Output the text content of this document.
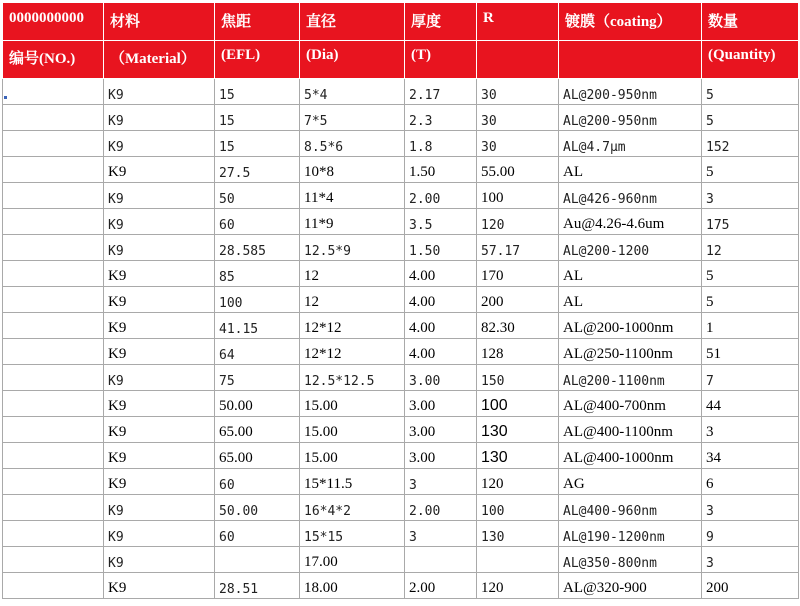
0000000000	材料	焦距	直径	厚度	R	镀膜（coating）	数量
编号(NO.)	（Material）	(EFL)	(Dia)	(T)			(Quantity)
	K9	15	5*4	2.17	30	AL@200-950nm	5
	K9	15	7*5	2.3	30	AL@200-950nm	5
	K9	15	8.5*6	1.8	30	AL@4.7μm	152
	K9	27.5	10*8	1.50	55.00	AL	5
	K9	50	11*4	2.00	100	AL@426-960nm	3
	K9	60	11*9	3.5	120	Au@4.26-4.6um	175
	K9	28.585	12.5*9	1.50	57.17	AL@200-1200	12
	K9	85	12	4.00	170	AL	5
	K9	100	12	4.00	200	AL	5
	K9	41.15	12*12	4.00	82.30	AL@200-1000nm	1
	K9	64	12*12	4.00	128	AL@250-1100nm	51
	K9	75	12.5*12.5	3.00	150	AL@200-1100nm	7
	K9	50.00	15.00	3.00	100	AL@400-700nm	44
	K9	65.00	15.00	3.00	130	AL@400-1100nm	3
	K9	65.00	15.00	3.00	130	AL@400-1000nm	34
	K9	60	15*11.5	3	120	AG	6
	K9	50.00	16*4*2	2.00	100	AL@400-960nm	3
	K9	60	15*15	3	130	AL@190-1200nm	9
	K9		17.00			AL@350-800nm	3
	K9	28.51	18.00	2.00	120	AL@320-900	200
